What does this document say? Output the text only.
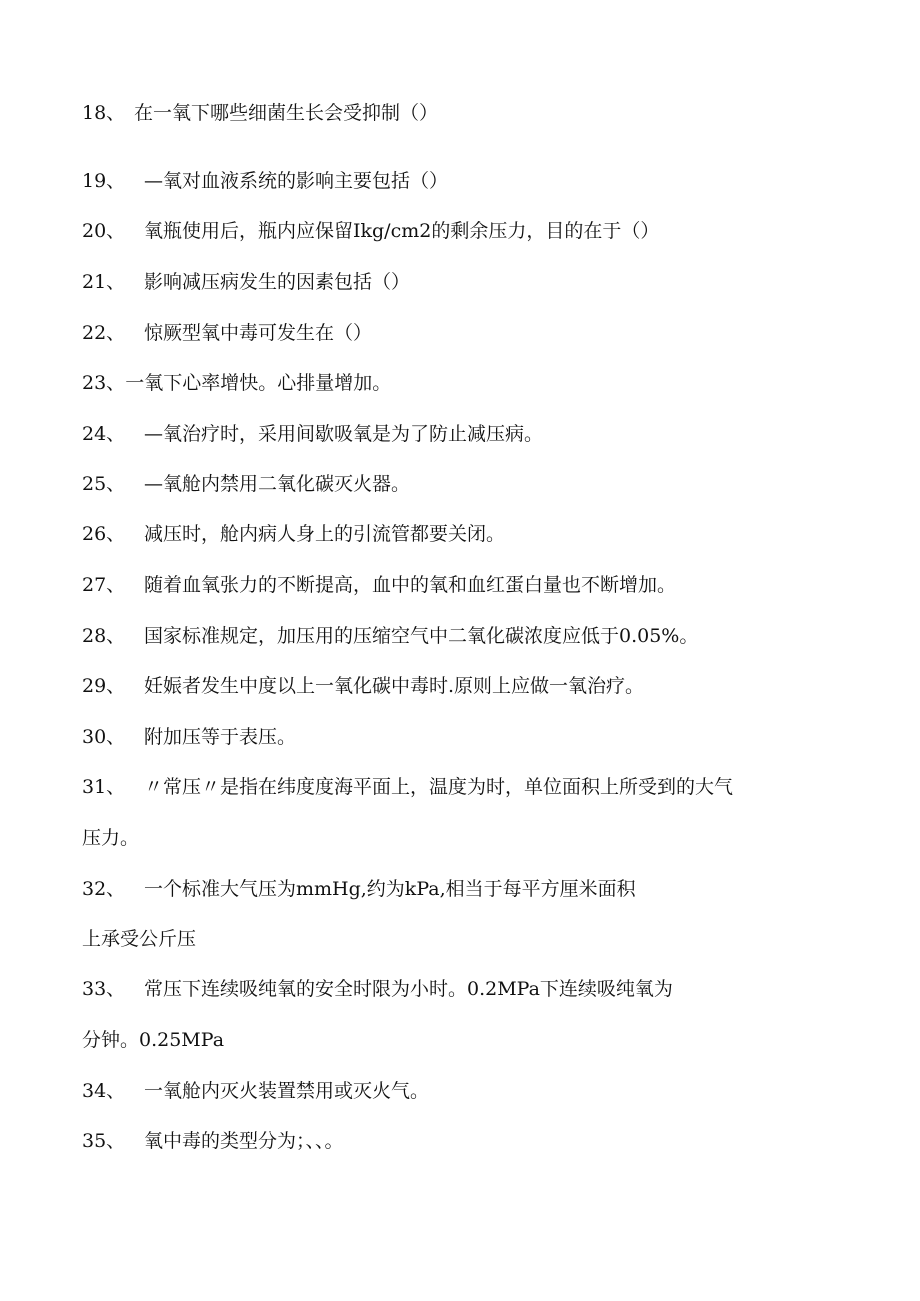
18、 在一氧下哪些细菌生长会受抑制（）
19、 —氧对血液系统的影响主要包括（）
20、 氧瓶使用后，瓶内应保留Ikg/cm2的剩余压力，目的在于（）
21、 影响减压病发生的因素包括（）
22、 惊厥型氧中毒可发生在（）
23、一氧下心率增快。心排量增加。
24、 —氧治疗时，采用间歇吸氧是为了防止减压病。
25、 —氧舱内禁用二氧化碳灭火器。
26、 减压时，舱内病人身上的引流管都要关闭。
27、 随着血氧张力的不断提高，血中的氧和血红蛋白量也不断增加。
28、 国家标准规定，加压用的压缩空气中二氧化碳浓度应低于0.05%。
29、 妊娠者发生中度以上一氧化碳中毒时.原则上应做一氧治疗。
30、 附加压等于表压。
31、 〃常压〃是指在纬度度海平面上，温度为时，单位面积上所受到的大气
压力。
32、 一个标准大气压为mmHg,约为kPa,相当于每平方厘米面积
上承受公斤压
33、 常压下连续吸纯氧的安全时限为小时。0.2MPa下连续吸纯氧为
分钟。0.25MPa
34、 一氧舱内灭火装置禁用或灭火气。
35、 氧中毒的类型分为；、、。
